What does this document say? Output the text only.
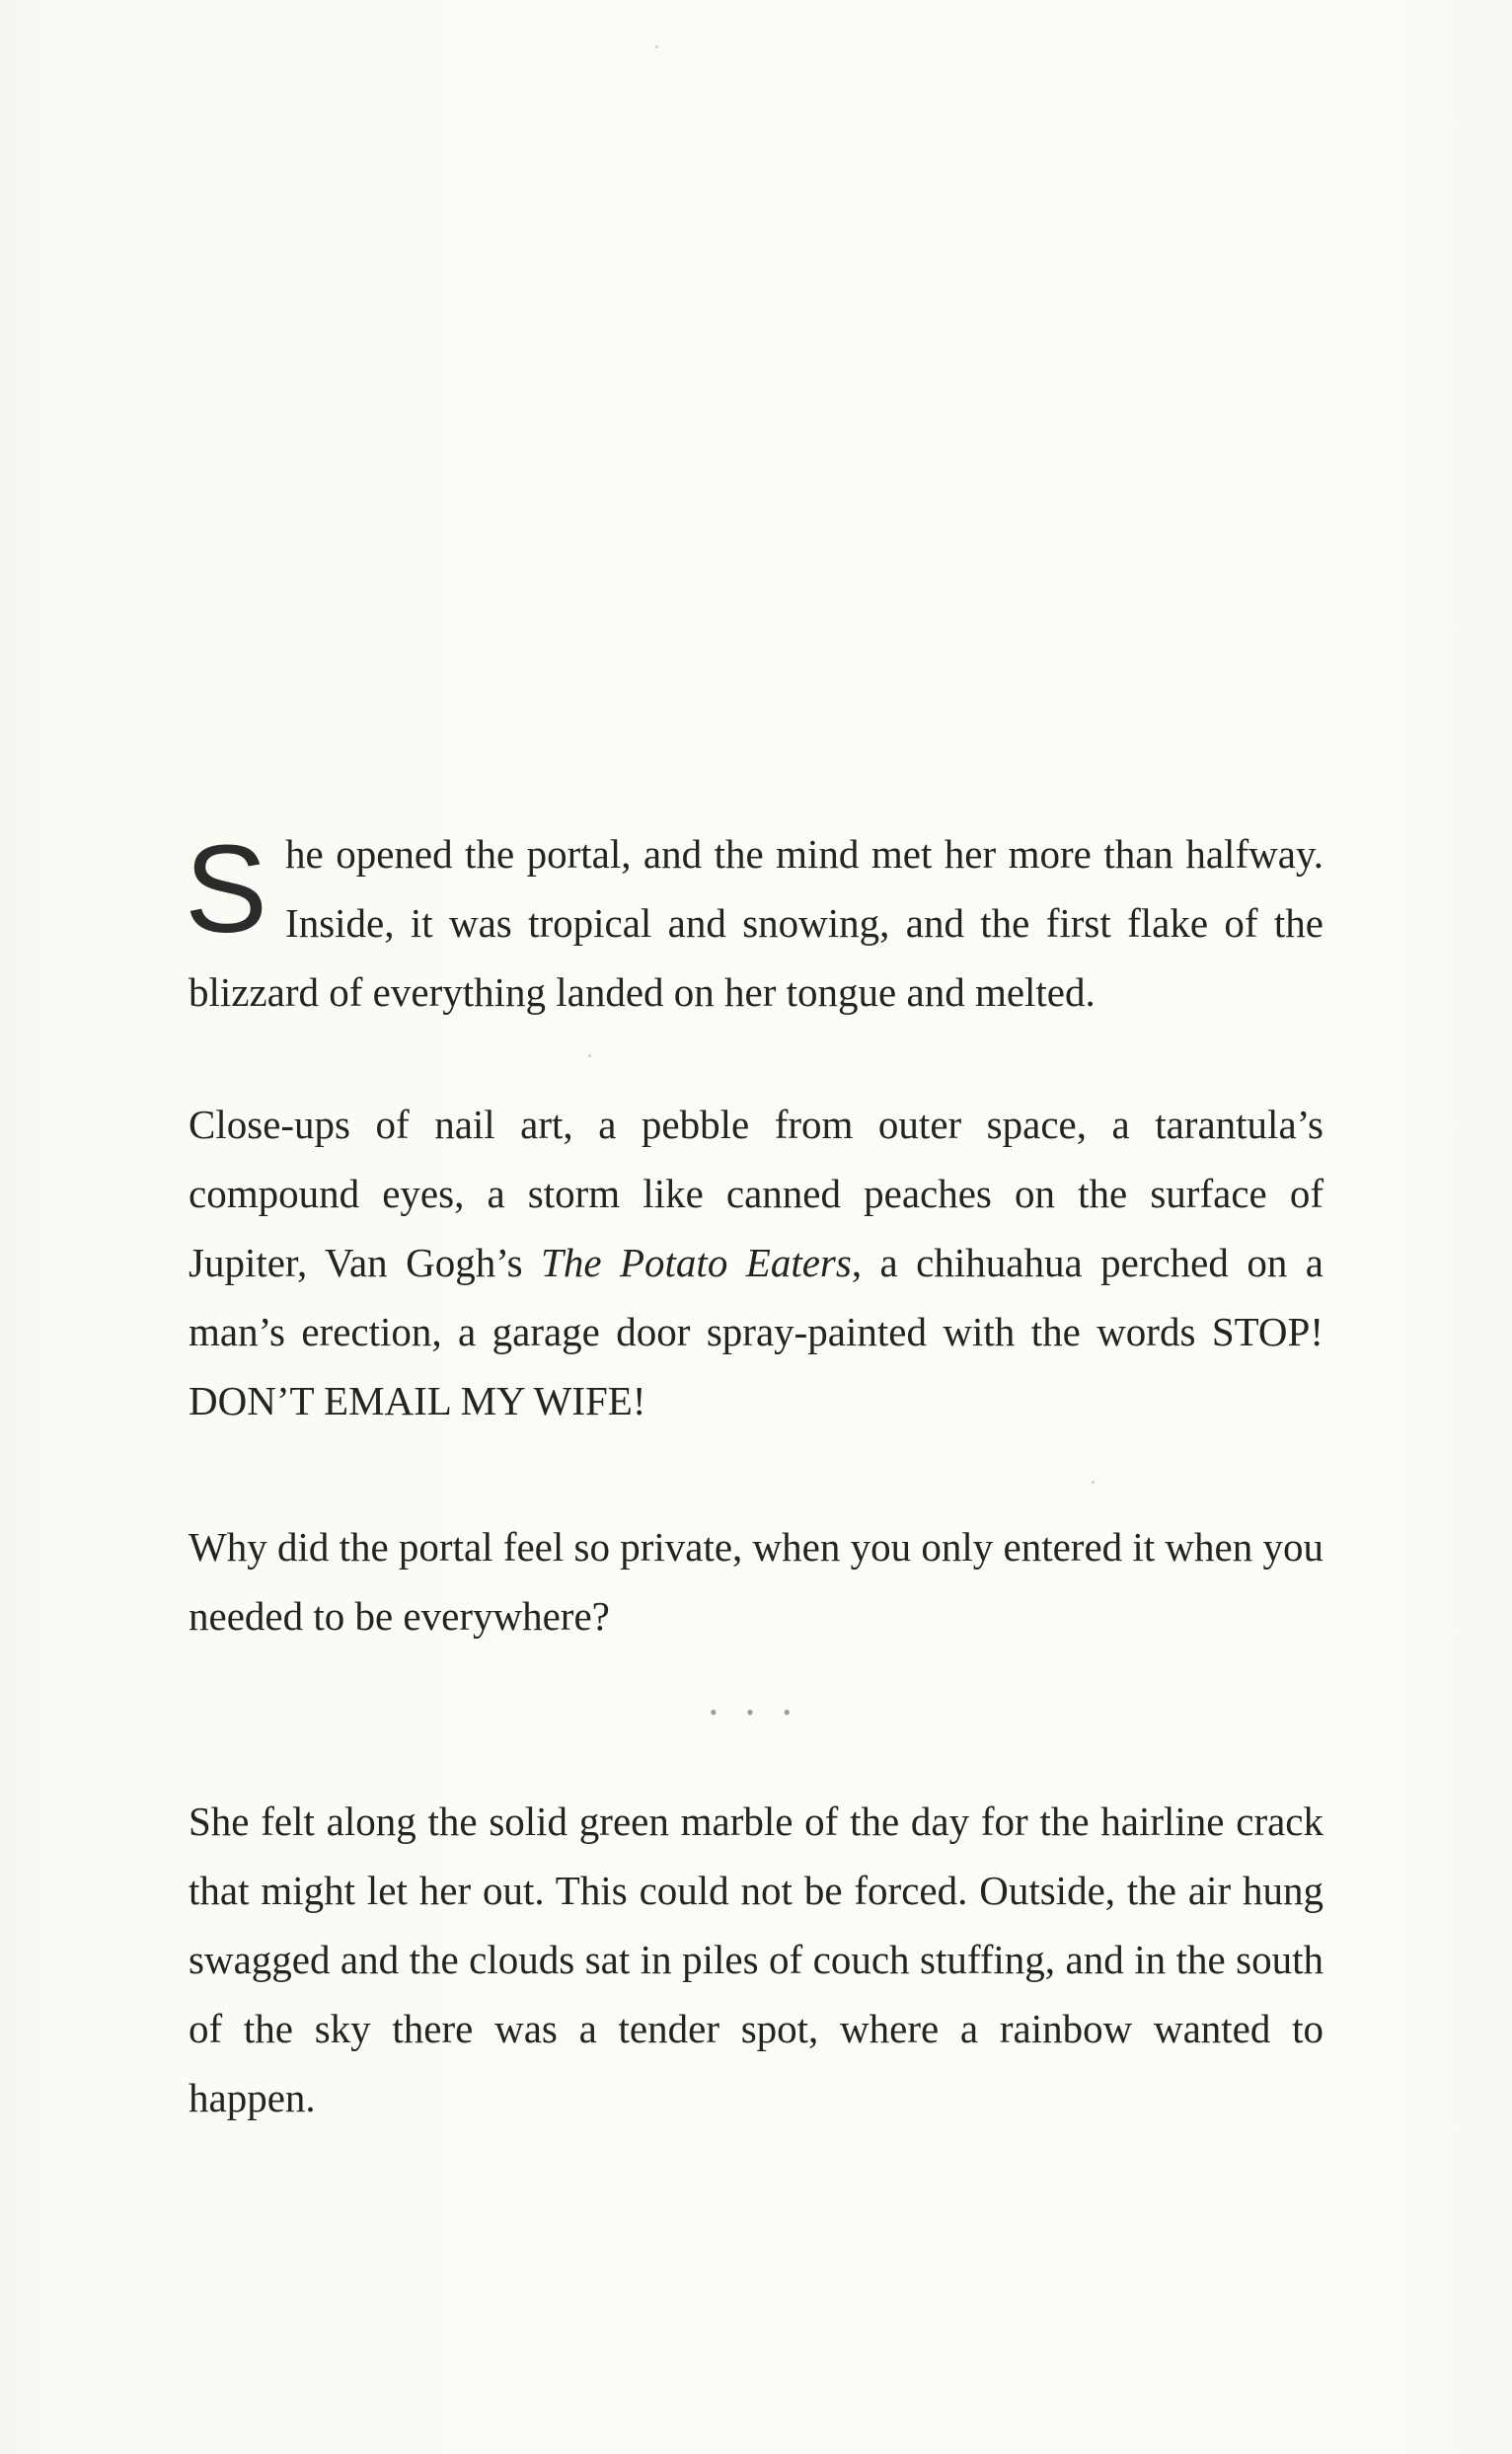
She opened the portal, and the mind met her more than halfway. Inside, it was tropical and snowing, and the first flake of the blizzard of everything landed on her tongue and melted.

Close-ups of nail art, a pebble from outer space, a tarantula’s compound eyes, a storm like canned peaches on the surface of Jupiter, Van Gogh’s The Potato Eaters, a chihuahua perched on a man’s erection, a garage door spray-painted with the words STOP! DON’T EMAIL MY WIFE!

Why did the portal feel so private, when you only entered it when you needed to be everywhere?

• • •

She felt along the solid green marble of the day for the hairline crack that might let her out. This could not be forced. Outside, the air hung swagged and the clouds sat in piles of couch stuffing, and in the south of the sky there was a tender spot, where a rainbow wanted to happen.
